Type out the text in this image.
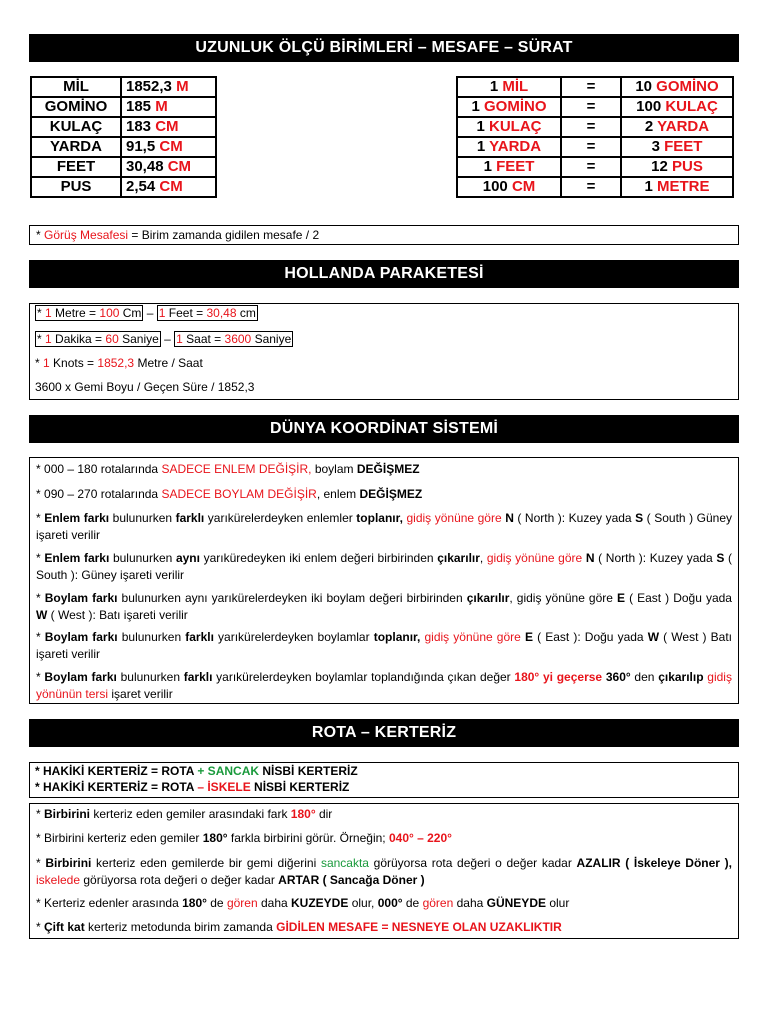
UZUNLUK ÖLÇÜ BİRİMLERİ – MESAFE – SÜRAT
MİL	1852,3 M
GOMİNO	185 M
KULAÇ	183 CM
YARDA	91,5 CM
FEET	30,48 CM
PUS	2,54 CM
1 MİL	=	10 GOMİNO
1 GOMİNO	=	100 KULAÇ
1 KULAÇ	=	2 YARDA
1 YARDA	=	3 FEET
1 FEET	=	12 PUS
100 CM	=	1 METRE
* Görüş Mesafesi = Birim zamanda gidilen mesafe / 2
HOLLANDA PARAKETESİ
* 1 Metre = 100 Cm – 1 Feet = 30,48 cm
* 1 Dakika = 60 Saniye – 1 Saat = 3600 Saniye
* 1 Knots = 1852,3 Metre / Saat
3600 x Gemi Boyu / Geçen Süre / 1852,3
DÜNYA KOORDİNAT SİSTEMİ
* 000 – 180 rotalarında SADECE ENLEM DEĞİŞİR, boylam DEĞİŞMEZ
* 090 – 270 rotalarında SADECE BOYLAM DEĞİŞİR, enlem DEĞİŞMEZ
* Enlem farkı bulunurken farklı yarıkürelerdeyken enlemler toplanır, gidiş yönüne göre N ( North ): Kuzey yada S ( South ) Güney işareti verilir
* Enlem farkı bulunurken aynı yarıküredeyken iki enlem değeri birbirinden çıkarılır, gidiş yönüne göre N ( North ): Kuzey yada S ( South ): Güney işareti verilir
* Boylam farkı bulunurken aynı yarıkürelerdeyken iki boylam değeri birbirinden çıkarılır, gidiş yönüne göre E ( East ) Doğu yada W ( West ): Batı işareti verilir
* Boylam farkı bulunurken farklı yarıkürelerdeyken boylamlar toplanır, gidiş yönüne göre E ( East ): Doğu yada W ( West ) Batı işareti verilir
* Boylam farkı bulunurken farklı yarıkürelerdeyken boylamlar toplandığında çıkan değer 180° yi geçerse 360° den çıkarılıp gidiş yönünün tersi işaret verilir
ROTA – KERTERİZ
* HAKİKİ KERTERİZ = ROTA + SANCAK NİSBİ KERTERİZ
* HAKİKİ KERTERİZ = ROTA – İSKELE NİSBİ KERTERİZ
* Birbirini kerteriz eden gemiler arasındaki fark 180° dir
* Birbirini kerteriz eden gemiler 180° farkla birbirini görür. Örneğin; 040° – 220°
* Birbirini kerteriz eden gemilerde bir gemi diğerini sancakta görüyorsa rota değeri o değer kadar AZALIR ( İskeleye Döner ), iskelede görüyorsa rota değeri o değer kadar ARTAR ( Sancağa Döner )
* Kerteriz edenler arasında 180° de gören daha KUZEYDE olur, 000° de gören daha GÜNEYDE olur
* Çift kat kerteriz metodunda birim zamanda GİDİLEN MESAFE = NESNEYE OLAN UZAKLIKTIR
